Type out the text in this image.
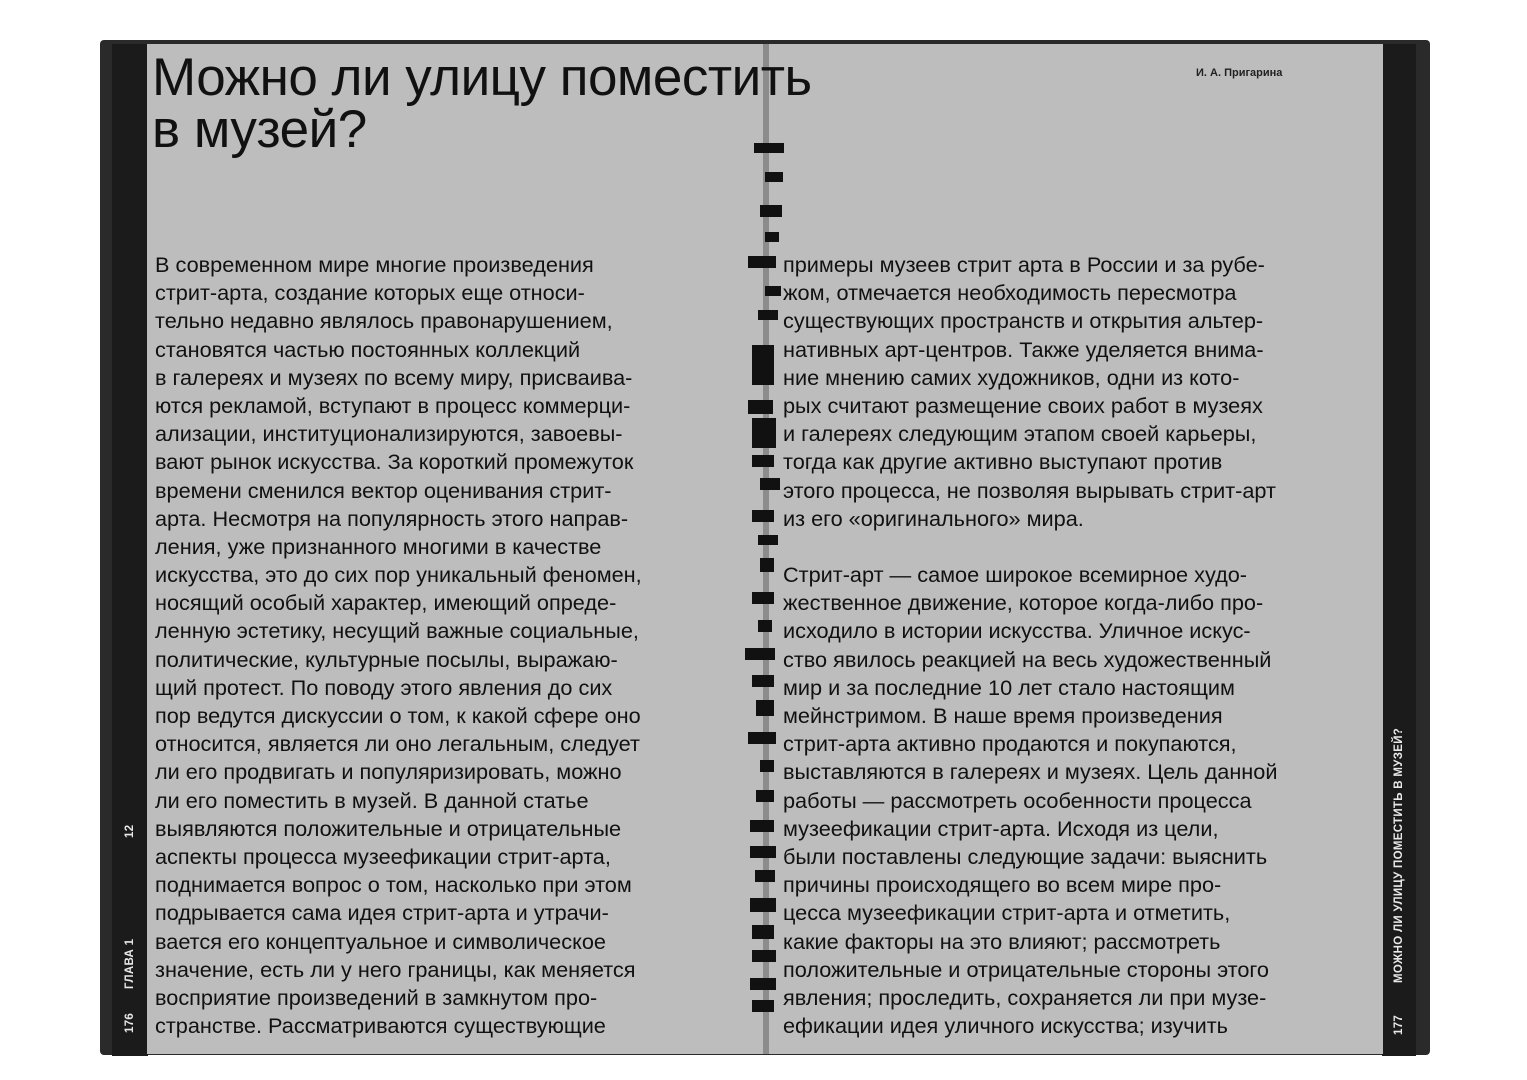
Можно ли улицу поместить
в музей?
И. А. Пригарина

В современном мире многие произведения
стрит-арта, создание которых еще относи-
тельно недавно являлось правонарушением,
становятся частью постоянных коллекций
в галереях и музеях по всему миру, присваива-
ются рекламой, вступают в процесс коммерци-
ализации, институционализируются, завоевы-
вают рынок искусства. За короткий промежуток
времени сменился вектор оценивания стрит-
арта. Несмотря на популярность этого направ-
ления, уже признанного многими в качестве
искусства, это до сих пор уникальный феномен,
носящий особый характер, имеющий опреде-
ленную эстетику, несущий важные социальные,
политические, культурные посылы, выражаю-
щий протест. По поводу этого явления до сих
пор ведутся дискуссии о том, к какой сфере оно
относится, является ли оно легальным, следует
ли его продвигать и популяризировать, можно
ли его поместить в музей. В данной статье
выявляются положительные и отрицательные
аспекты процесса музеефикации стрит-арта,
поднимается вопрос о том, насколько при этом
подрывается сама идея стрит-арта и утрачи-
вается его концептуальное и символическое
значение, есть ли у него границы, как меняется
восприятие произведений в замкнутом про-
странстве. Рассматриваются существующие

примеры музеев стрит арта в России и за рубе-
жом, отмечается необходимость пересмотра
существующих пространств и открытия альтер-
нативных арт-центров. Также уделяется внима-
ние мнению самих художников, одни из кото-
рых считают размещение своих работ в музеях
и галереях следующим этапом своей карьеры,
тогда как другие активно выступают против
этого процесса, не позволяя вырывать стрит-арт
из его «оригинального» мира.

Стрит-арт — самое широкое всемирное худо-
жественное движение, которое когда-либо про-
исходило в истории искусства. Уличное искус-
ство явилось реакцией на весь художественный
мир и за последние 10 лет стало настоящим
мейнстримом. В наше время произведения
стрит-арта активно продаются и покупаются,
выставляются в галереях и музеях. Цель данной
работы — рассмотреть особенности процесса
музеефикации стрит-арта. Исходя из цели,
были поставлены следующие задачи: выяснить
причины происходящего во всем мире про-
цесса музеефикации стрит-арта и отметить,
какие факторы на это влияют; рассмотреть
положительные и отрицательные стороны этого
явления; проследить, сохраняется ли при музе-
ефикации идея уличного искусства; изучить

176
ГЛАВА 1
12
177
МОЖНО ЛИ УЛИЦУ ПОМЕСТИТЬ В МУЗЕЙ?
